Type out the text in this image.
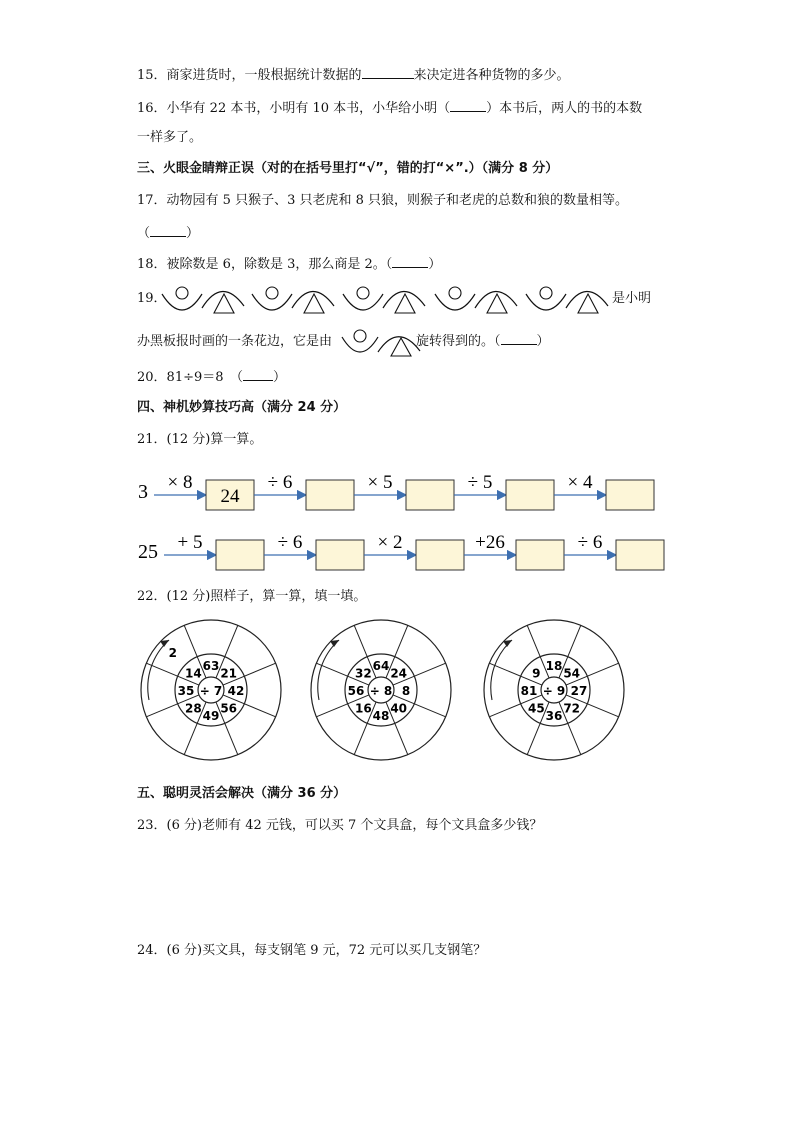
15．商家进货时，一般根据统计数据的	来决定进各种货物的多少。
16．小华有 22 本书，小明有 10 本书，小华给小明（	）本书后，两人的书的本数
一样多了。
三、火眼金睛辩正误（对的在括号里打“√”，错的打“×”.）（满分 8 分）
17．动物园有 5 只猴子、3 只老虎和 8 只狼，则猴子和老虎的总数和狼的数量相等。
（	）
18．被除数是 6，除数是 3，那么商是 2。（	）
19．	是小明
办黑板报时画的一条花边，它是由	旋转得到的。（	）
20．81÷9＝8　（ ）
四、神机妙算技巧高（满分 24 分）
21．(12 分)算一算。
3 × 8
24
÷ 6	× 5	÷ 5	× 4
25 + 5	÷ 6	× 2	+26	÷ 6
22．(12 分)照样子，算一算，填一填。
÷ 7
63
21
42
56
49
28
35
14
2
÷ 8
64
24
8
40
48
16
56
32
÷ 9
18
54
27
72
36
45
81
9
五、聪明灵活会解决（满分 36 分）
23．(6 分)老师有 42 元钱，可以买 7 个文具盒，每个文具盒多少钱？
24．(6 分)买文具，每支钢笔 9 元，72 元可以买几支钢笔？
